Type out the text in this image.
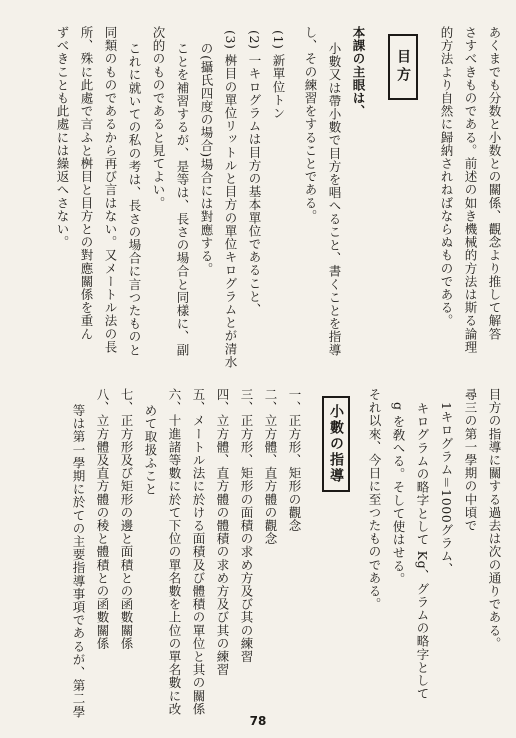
あくまでも分数と小数との關係、觀念より推して解答
さすべきものである。前述の如き機械的方法は斯る論理
的方法より自然に歸納されねばならぬものである。
目方
本課の主眼は、
小數又は帶小數で目方を唱へること、書くことを指導
し、その練習をすることである。
(1) 新單位トン
(2) 一キログラムは目方の基本單位であること、
(3) 桝目の單位リットルと目方の單位キログラムとが清水
の(攝氏四度の場合)場合には對應する。
ことを補習するが、是等は、長さの場合と同樣に、副
次的のものであると見てよい。
これに就いての私の考は、長さの場合に言つたものと
同類のものであるから再び言はない。又メートル法の長
所、殊に此處で言ふと桝目と目方との對應關係を重ん
ずべきことも此處には繰返へさない。
目方の指導に關する過去は次の通りである。
尋三の第一學期の中頃で
1キログラム＝1000グラム、
キログラムの略字として Kg、グラムの略字として
g を敎へる。そして使はせる。
それ以來、今日に至つたものである。
小數の指導
一、正方形、矩形の觀念
二、立方體、直方體の觀念
三、正方形、矩形の面積の求め方及び其の練習
四、立方體、直方體の體積の求め方及び其の練習
五、メートル法に於ける面積及び體積の單位と其の關係
六、十進諸等數に於て下位の單名數を上位の單名數に改
めて取扱ふこと
七、正方形及び矩形の邊と面積との函數關係
八、立方體及直方體の稜と體積との函數關係
等は第一學期に於ての主要指導事項であるが、第二學
78
